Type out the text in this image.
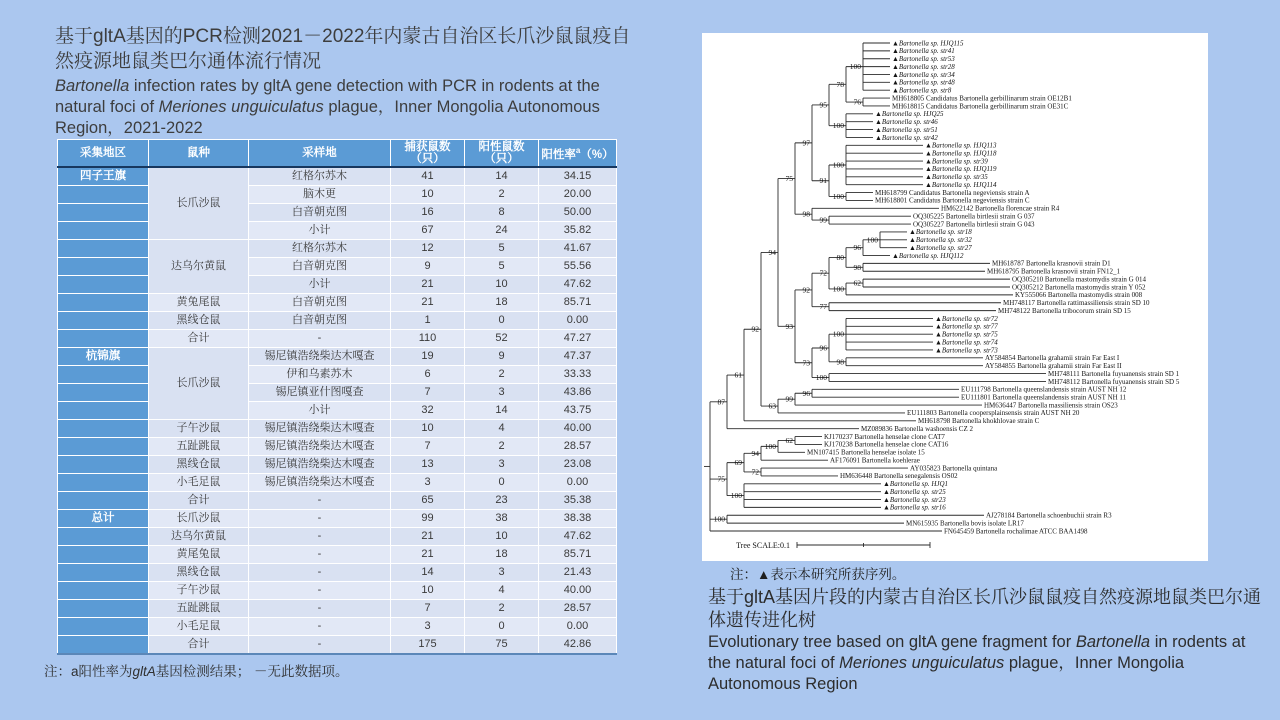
基于gltA基因的PCR检测2021－2022年内蒙古自治区长爪沙鼠鼠疫自然疫源地鼠类巴尔通体流行情况
Bartonella infection rates by gltA gene detection with PCR in rodents at the natural foci of Meriones unguiculatus plague，Inner Mongolia Autonomous Region，2021-2022
采集地区	鼠种	采样地	捕获鼠数（只）	阳性鼠数（只）	阳性率$^a$（%）
四子王旗	长爪沙鼠	红格尔苏木	41	14	34.15
		脑木更	10	2	20.00
		白音朝克图	16	8	50.00
		小计	67	24	35.82
	达乌尔黄鼠	红格尔苏木	12	5	41.67
		白音朝克图	9	5	55.56
		小计	21	10	47.62
	黄兔尾鼠	白音朝克图	21	18	85.71
	黑线仓鼠	白音朝克图	1	0	0.00
	合计	-	110	52	47.27
杭锦旗	长爪沙鼠	锡尼镇浩绕柴达木嘎查	19	9	47.37
		伊和乌素苏木	6	2	33.33
		锡尼镇亚什图嘎查	7	3	43.86
		小计	32	14	43.75
	子午沙鼠	锡尼镇浩绕柴达木嘎查	10	4	40.00
	五趾跳鼠	锡尼镇浩绕柴达木嘎查	7	2	28.57
	黑线仓鼠	锡尼镇浩绕柴达木嘎查	13	3	23.08
	小毛足鼠	锡尼镇浩绕柴达木嘎查	3	0	0.00
	合计	-	65	23	35.38
总计	长爪沙鼠	-	99	38	38.38
	达乌尔黄鼠	-	21	10	47.62
	黄尾兔鼠	-	21	18	85.71
	黑线仓鼠	-	14	3	21.43
	子午沙鼠	-	10	4	40.00
	五趾跳鼠	-	7	2	28.57
	小毛足鼠	-	3	0	0.00
	合计	-	175	75	42.86
注：a阳性率为gltA基因检测结果； －无此数据项。
▲Bartonella sp. HJQ115
▲Bartonella sp. str41
▲Bartonella sp. str53
▲Bartonella sp. str28
▲Bartonella sp. str34
▲Bartonella sp. str48
▲Bartonella sp. str8
100
MH618805 Candidatus Bartonella gerbillinarum strain OE12B1
MH618815 Candidatus Bartonella gerbillinarum strain OE31C
76
78
▲Bartonella sp. HJQ25
▲Bartonella sp. str46
▲Bartonella sp. str51
▲Bartonella sp. str42
100
95
▲Bartonella sp. HJQ113
▲Bartonella sp. HJQ118
▲Bartonella sp. str39
▲Bartonella sp. HJQ119
▲Bartonella sp. str35
▲Bartonella sp. HJQ114
100
MH618799 Candidatus Bartonella negeviensis strain A
MH618801 Candidatus Bartonella negeviensis strain C
100
91
97
HM622142 Bartonella florencae strain R4
OQ305225 Bartonella birtlesii strain G 037
OQ305227 Bartonella birtlesii strain G 043
99
98
75
▲Bartonella sp. str18
▲Bartonella sp. str32
▲Bartonella sp. str27
100
▲Bartonella sp. HJQ112
96
MH618787 Bartonella krasnovii strain D1
MH618795 Bartonella krasnovii strain FN12_1
98
80
OQ305210 Bartonella mastomydis strain G 014
OQ305212 Bartonella mastomydis strain Y 052
62
KY555066 Bartonella mastomydis strain 008
100
72
MH748117 Bartonella rattimassiliensis strain SD 10
MH748122 Bartonella tribocorum strain SD 15
77
92
▲Bartonella sp. str72
▲Bartonella sp. str77
▲Bartonella sp. str75
▲Bartonella sp. str74
▲Bartonella sp. str73
100
AY584854 Bartonella grahamii strain Far East I
AY584855 Bartonella grahamii strain Far East II
98
96
MH748111 Bartonella fuyuanensis strain SD 1
MH748112 Bartonella fuyuanensis strain SD 5
100
73
93
94
EU111798 Bartonella queenslandensis strain AUST NH 12
EU111801 Bartonella queenslandensis strain AUST NH 11
96
HM636447 Bartonella massiliensis strain OS23
99
EU111803 Bartonella coopersplainsensis strain AUST NH 20
63
92
MH618798 Bartonella khokhlovae strain C
61
MZ089836 Bartonella washoensis CZ 2
87
KJ170237 Bartonella henselae clone CAT7
KJ170238 Bartonella henselae clone CAT16
62
MN107415 Bartonella henselae isolate 15
100
AF176091 Bartonella koehlerae
94
AY035823 Bartonella quintana
HM636448 Bartonella senegalensis OS02
72
69
▲Bartonella sp. HJQ1
▲Bartonella sp. str25
▲Bartonella sp. str23
▲Bartonella sp. str16
100
75
AJ278184 Bartonella schoenbuchii strain R3
MN615935 Bartonella bovis isolate LR17
100
FN645459 Bartonella rochalimae ATCC BAA1498
Tree SCALE:0.1
注：▲表示本研究所获序列。
基于gltA基因片段的内蒙古自治区长爪沙鼠鼠疫自然疫源地鼠类巴尔通体遗传进化树
Evolutionary tree based on gltA gene fragment for Bartonella in rodents at the natural foci of Meriones unguiculatus plague，Inner Mongolia Autonomous Region
